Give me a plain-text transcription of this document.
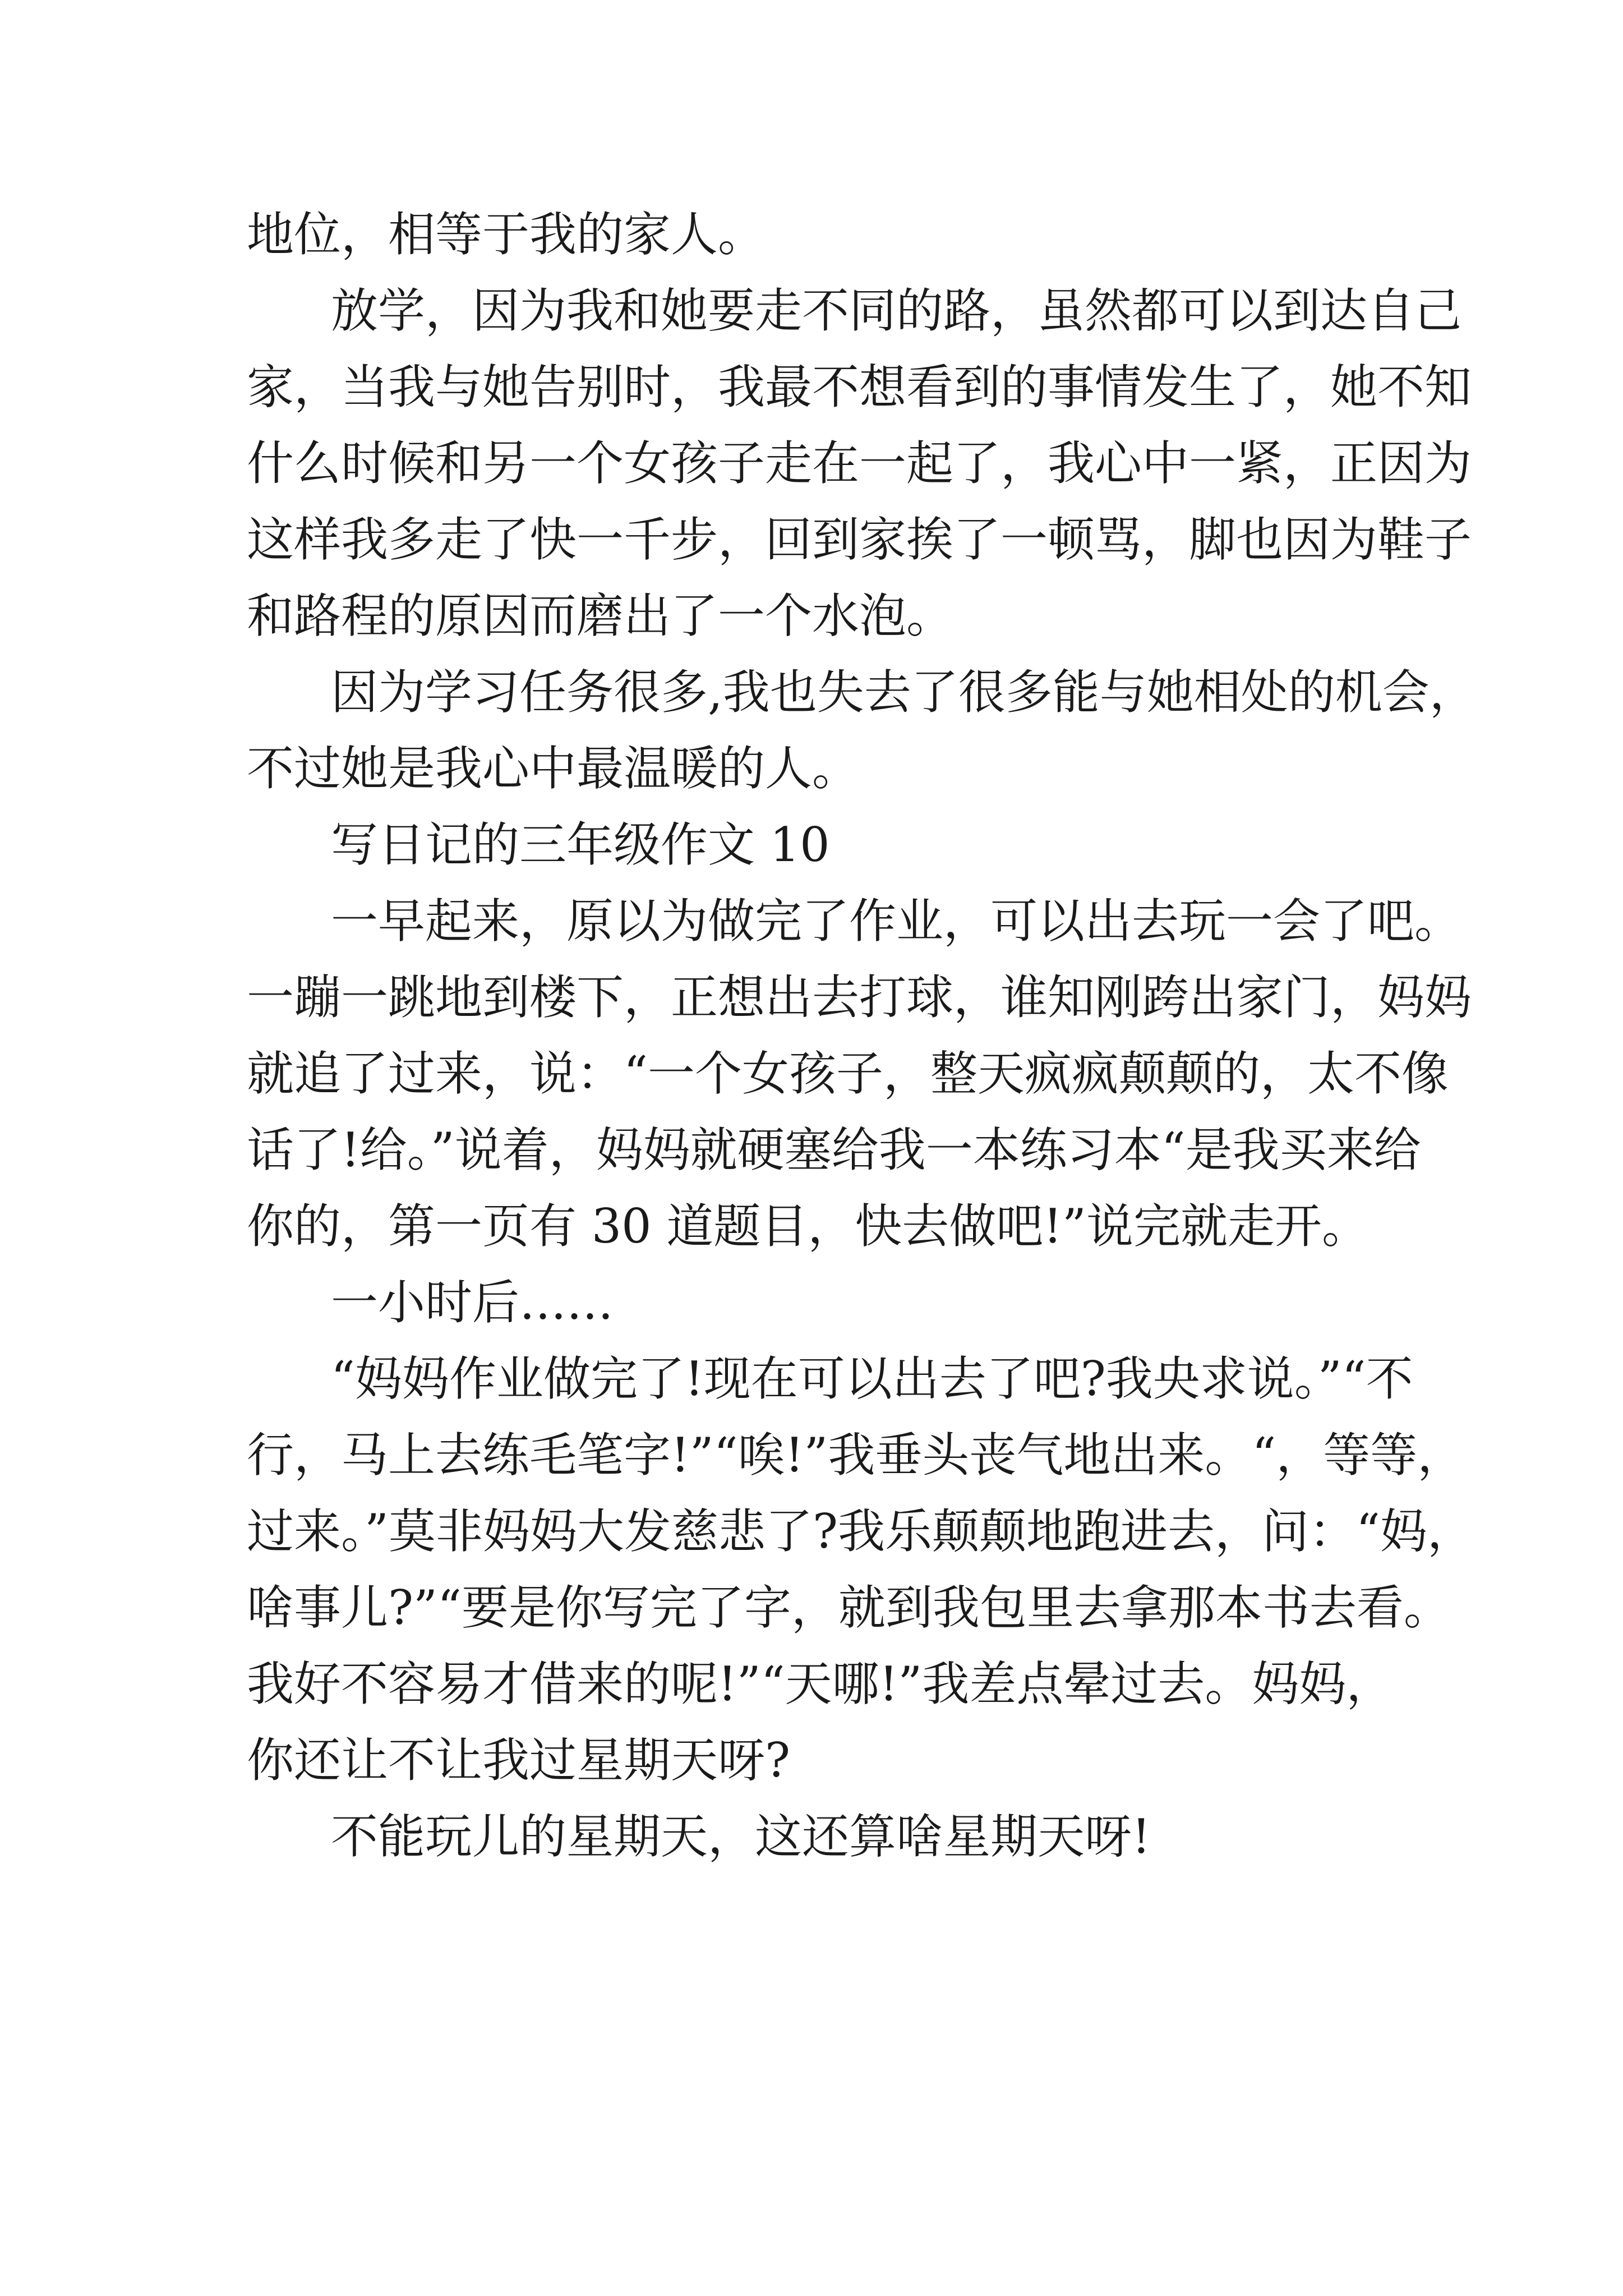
地位，相等于我的家人。
放学，因为我和她要走不同的路，虽然都可以到达自己
家，当我与她告别时，我最不想看到的事情发生了，她不知
什么时候和另一个女孩子走在一起了，我心中一紧，正因为
这样我多走了快一千步，回到家挨了一顿骂，脚也因为鞋子
和路程的原因而磨出了一个水泡。
因为学习任务很多,我也失去了很多能与她相处的机会，
不过她是我心中最温暖的人。
写日记的三年级作文 10
一早起来，原以为做完了作业，可以出去玩一会了吧。
一蹦一跳地到楼下，正想出去打球，谁知刚跨出家门，妈妈
就追了过来，说：“一个女孩子，整天疯疯颠颠的，太不像
话了!给。”说着，妈妈就硬塞给我一本练习本“是我买来给
你的，第一页有 30 道题目，快去做吧!”说完就走开。
一小时后……
“妈妈作业做完了!现在可以出去了吧?我央求说。”“不
行，马上去练毛笔字!”“唉!”我垂头丧气地出来。“，等等，
过来。”莫非妈妈大发慈悲了?我乐颠颠地跑进去，问：“妈，
啥事儿?”“要是你写完了字，就到我包里去拿那本书去看。
我好不容易才借来的呢!”“天哪!”我差点晕过去。妈妈，
你还让不让我过星期天呀?
不能玩儿的星期天，这还算啥星期天呀!
